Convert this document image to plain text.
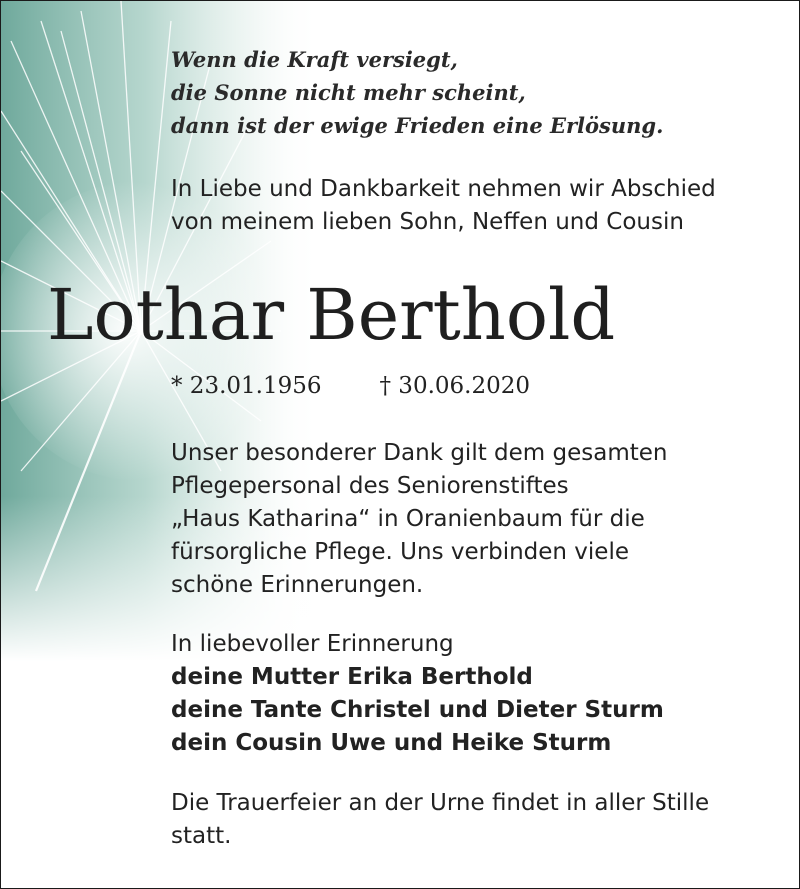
Wenn die Kraft versiegt,
die Sonne nicht mehr scheint,
dann ist der ewige Frieden eine Erlösung.
In Liebe und Dankbarkeit nehmen wir Abschied
von meinem lieben Sohn, Neffen und Cousin
Lothar Berthold
* 23.01.1956	† 30.06.2020
Unser besonderer Dank gilt dem gesamten
Pflegepersonal des Seniorenstiftes
„Haus Katharina“ in Oranienbaum für die
fürsorgliche Pflege. Uns verbinden viele
schöne Erinnerungen.
In liebevoller Erinnerung
deine Mutter Erika Berthold
deine Tante Christel und Dieter Sturm
dein Cousin Uwe und Heike Sturm
Die Trauerfeier an der Urne findet in aller Stille
statt.
